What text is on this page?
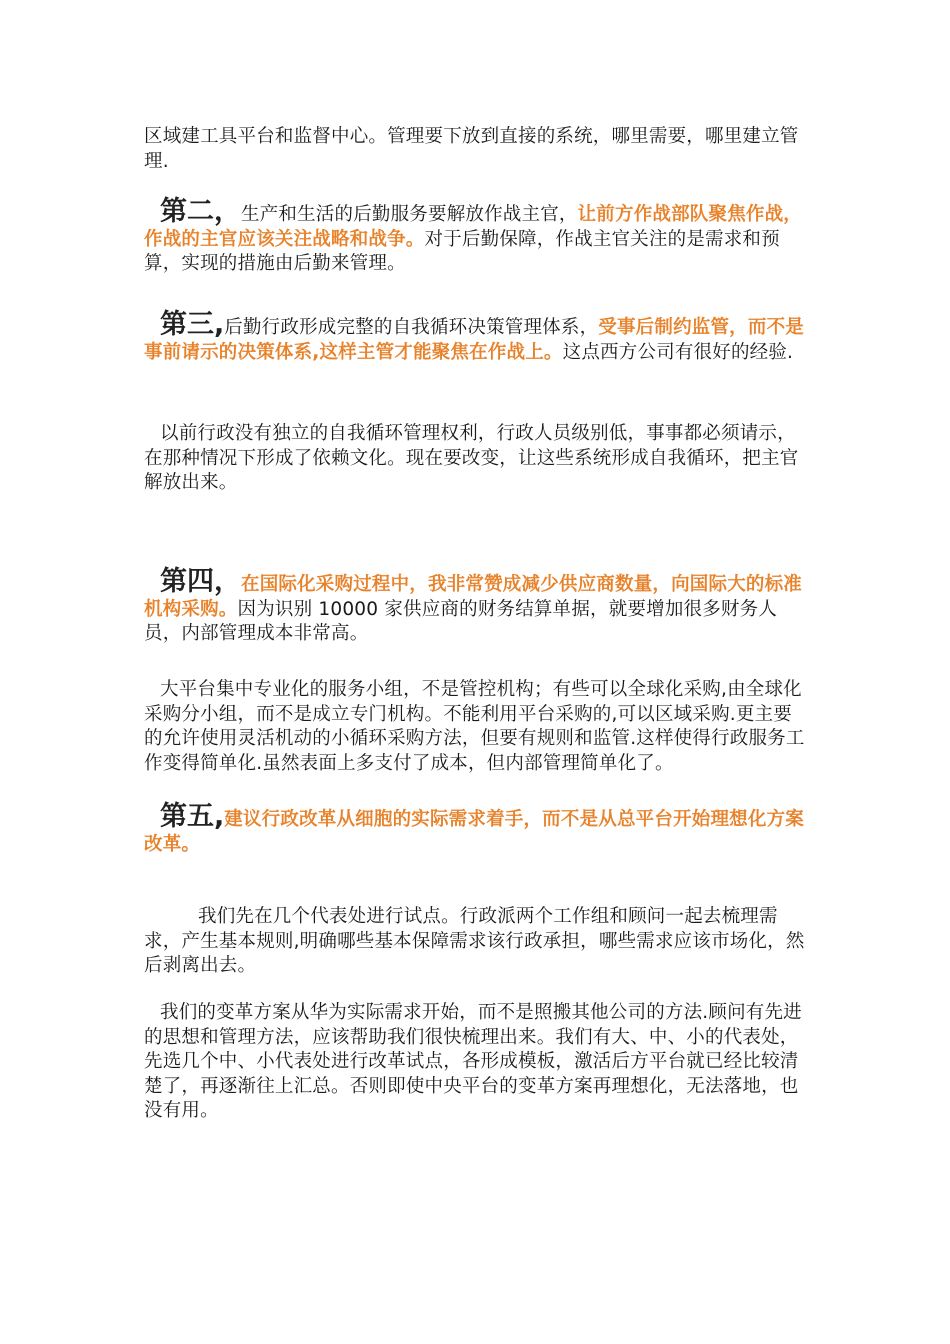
区域建工具平台和监督中心。管理要下放到直接的系统，哪里需要，哪里建立管理.

第二，生产和生活的后勤服务要解放作战主官，让前方作战部队聚焦作战，作战的主官应该关注战略和战争。对于后勤保障，作战主官关注的是需求和预算，实现的措施由后勤来管理。

第三,后勤行政形成完整的自我循环决策管理体系，受事后制约监管，而不是事前请示的决策体系,这样主管才能聚焦在作战上。这点西方公司有很好的经验.

以前行政没有独立的自我循环管理权利，行政人员级别低，事事都必须请示，在那种情况下形成了依赖文化。现在要改变，让这些系统形成自我循环，把主官解放出来。

第四，在国际化采购过程中，我非常赞成减少供应商数量，向国际大的标准机构采购。因为识别 10000 家供应商的财务结算单据，就要增加很多财务人员，内部管理成本非常高。

大平台集中专业化的服务小组，不是管控机构；有些可以全球化采购,由全球化采购分小组，而不是成立专门机构。不能利用平台采购的,可以区域采购.更主要的允许使用灵活机动的小循环采购方法，但要有规则和监管.这样使得行政服务工作变得简单化.虽然表面上多支付了成本，但内部管理简单化了。

第五,建议行政改革从细胞的实际需求着手，而不是从总平台开始理想化方案改革。

我们先在几个代表处进行试点。行政派两个工作组和顾问一起去梳理需求，产生基本规则,明确哪些基本保障需求该行政承担，哪些需求应该市场化，然后剥离出去。

我们的变革方案从华为实际需求开始，而不是照搬其他公司的方法.顾问有先进的思想和管理方法，应该帮助我们很快梳理出来。我们有大、中、小的代表处，先选几个中、小代表处进行改革试点，各形成模板，激活后方平台就已经比较清楚了，再逐渐往上汇总。否则即使中央平台的变革方案再理想化，无法落地，也没有用。
